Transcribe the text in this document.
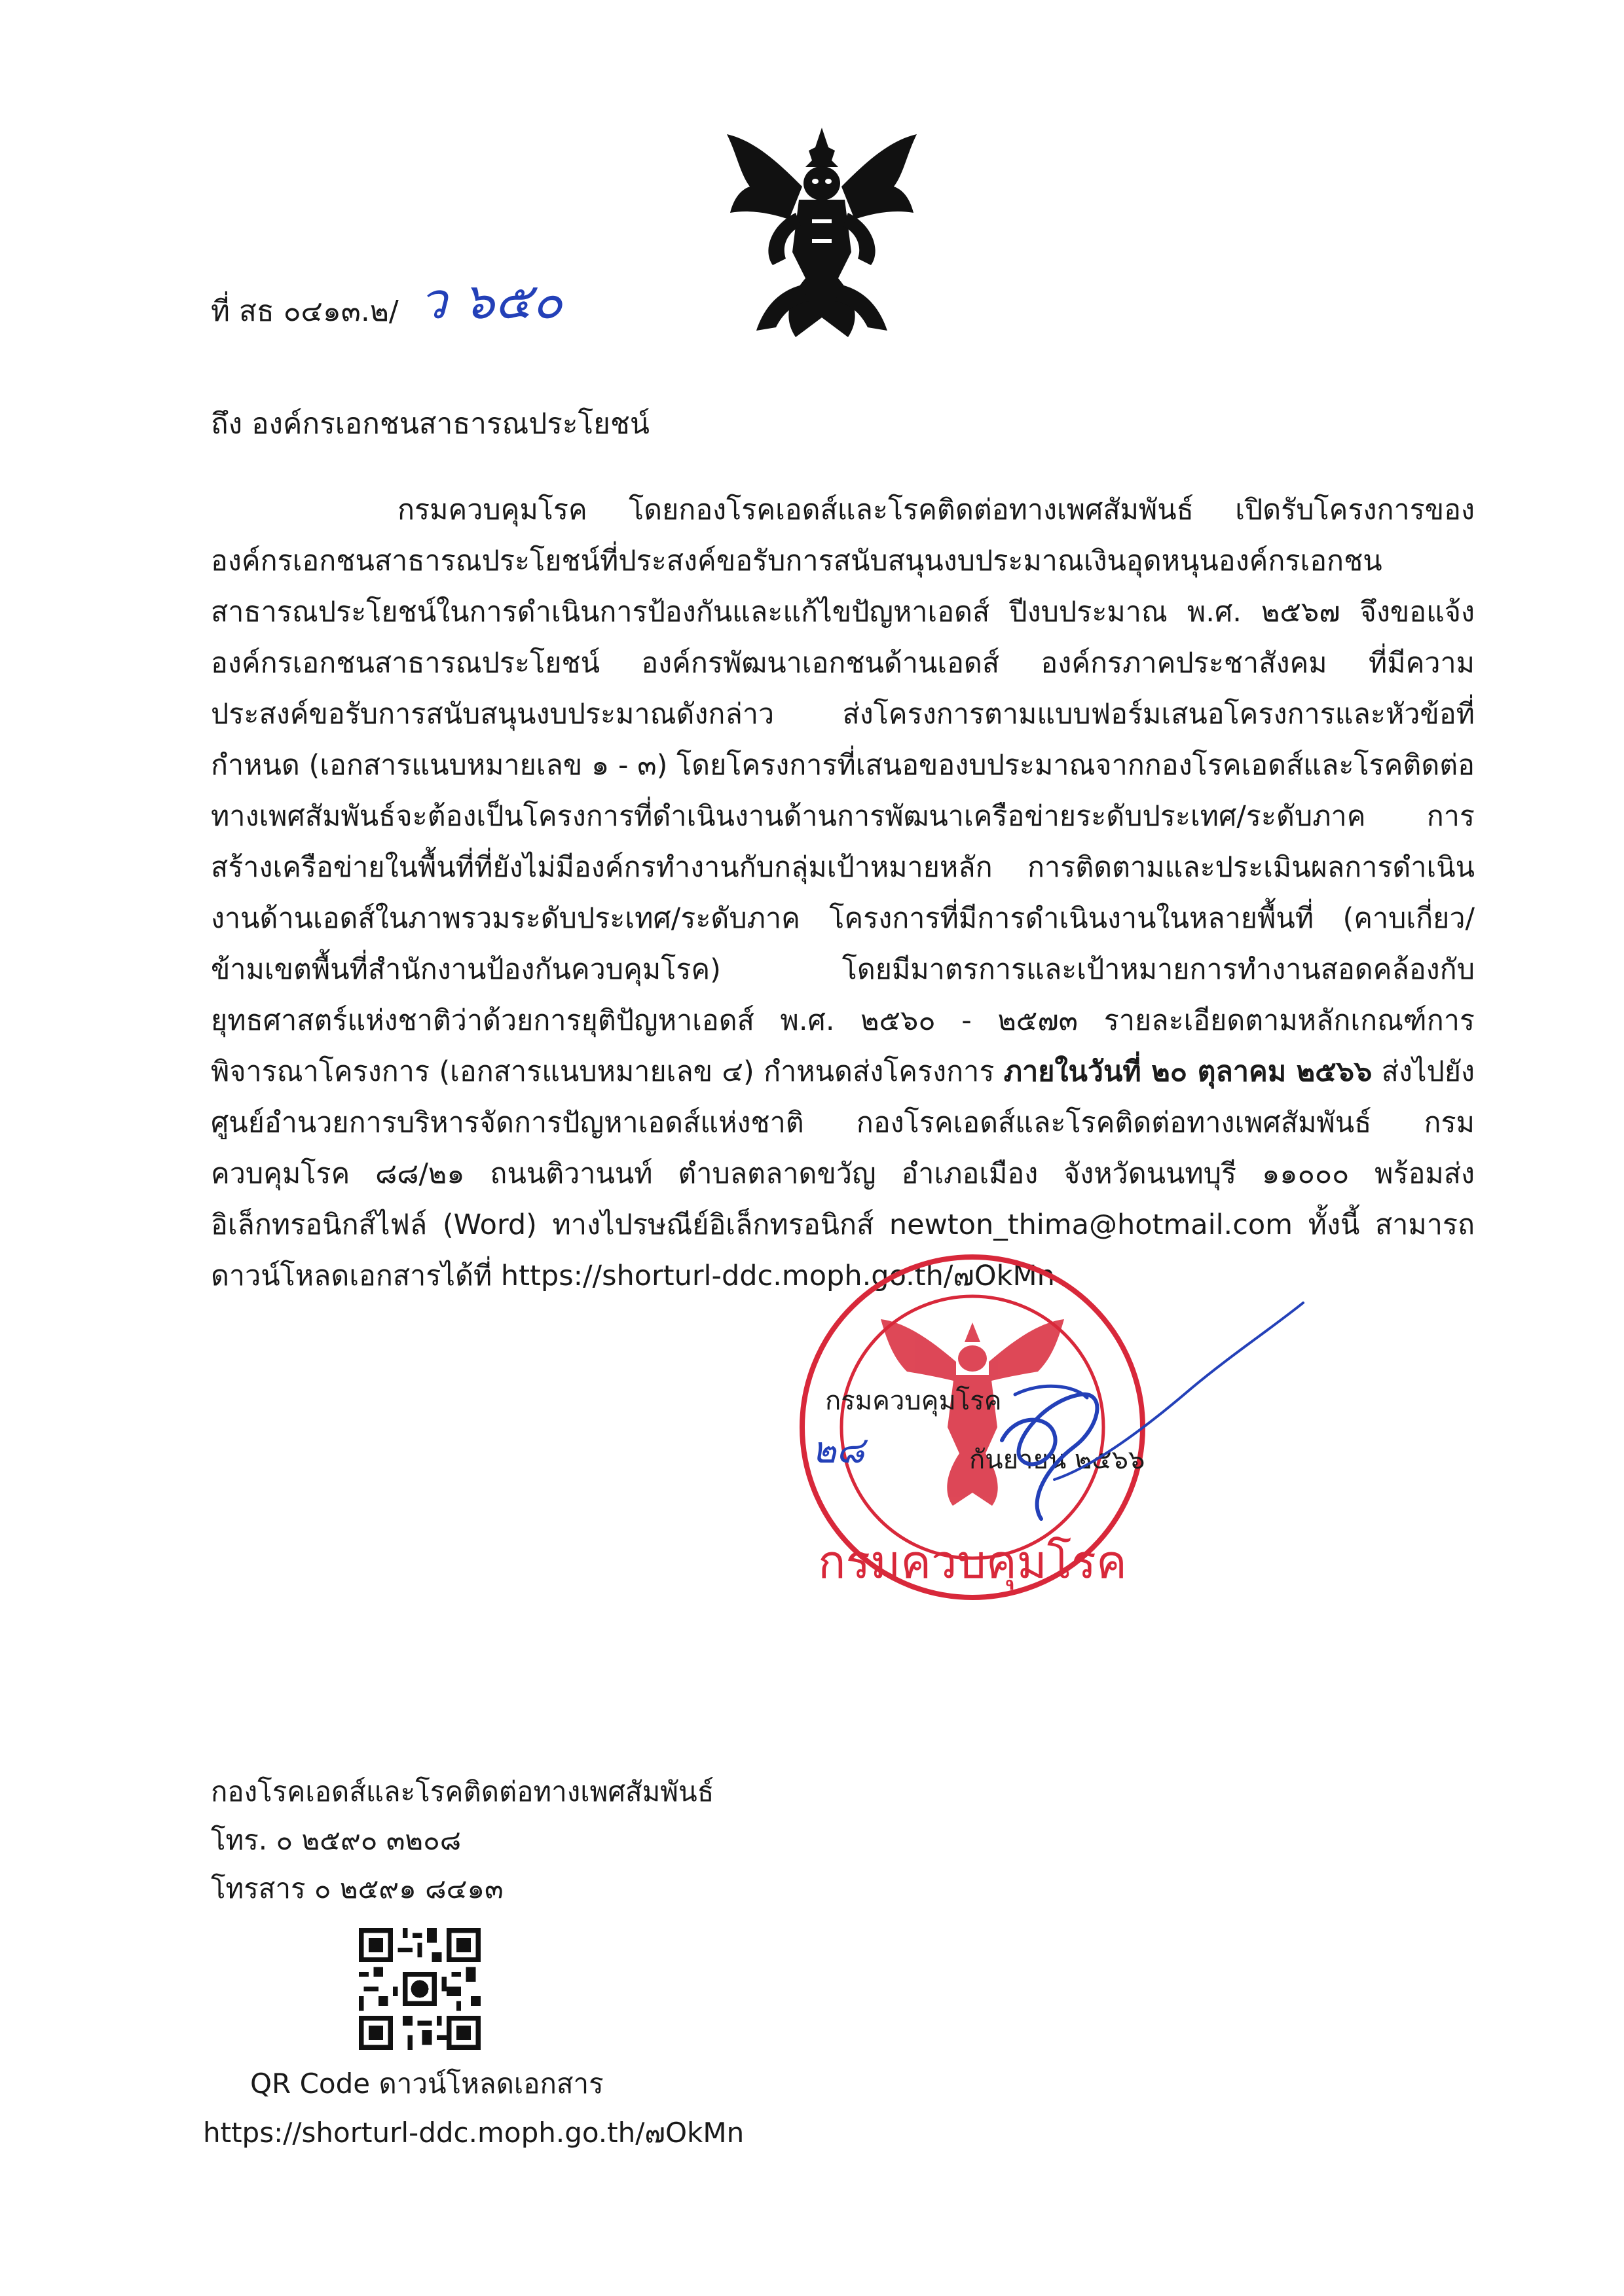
ที่ สธ ๐๔๑๓.๒/ ว ๖๕๐
ถึง องค์กรเอกชนสาธารณประโยชน์
กรมควบคุมโรค โดยกองโรคเอดส์และโรคติดต่อทางเพศสัมพันธ์ เปิดรับโครงการขององค์กรเอกชนสาธารณประโยชน์ที่ประสงค์ขอรับการสนับสนุนงบประมาณเงินอุดหนุนองค์กรเอกชนสาธารณประโยชน์ในการดำเนินการป้องกันและแก้ไขปัญหาเอดส์ ปีงบประมาณ พ.ศ. ๒๕๖๗ จึงขอแจ้งองค์กรเอกชนสาธารณประโยชน์ องค์กรพัฒนาเอกชนด้านเอดส์ องค์กรภาคประชาสังคม ที่มีความประสงค์ขอรับการสนับสนุนงบประมาณดังกล่าว ส่งโครงการตามแบบฟอร์มเสนอโครงการและหัวข้อที่กำหนด (เอกสารแนบหมายเลข ๑ - ๓) โดยโครงการที่เสนอของบประมาณจากกองโรคเอดส์และโรคติดต่อทางเพศสัมพันธ์จะต้องเป็นโครงการที่ดำเนินงานด้านการพัฒนาเครือข่ายระดับประเทศ/ระดับภาค การสร้างเครือข่ายในพื้นที่ที่ยังไม่มีองค์กรทำงานกับกลุ่มเป้าหมายหลัก การติดตามและประเมินผลการดำเนินงานด้านเอดส์ในภาพรวมระดับประเทศ/ระดับภาค โครงการที่มีการดำเนินงานในหลายพื้นที่ (คาบเกี่ยว/ข้ามเขตพื้นที่สำนักงานป้องกันควบคุมโรค) โดยมีมาตรการและเป้าหมายการทำงานสอดคล้องกับยุทธศาสตร์แห่งชาติว่าด้วยการยุติปัญหาเอดส์ พ.ศ. ๒๕๖๐ - ๒๕๗๓ รายละเอียดตามหลักเกณฑ์การพิจารณาโครงการ (เอกสารแนบหมายเลข ๔) กำหนดส่งโครงการ ภายในวันที่ ๒๐ ตุลาคม ๒๕๖๖ ส่งไปยังศูนย์อำนวยการบริหารจัดการปัญหาเอดส์แห่งชาติ กองโรคเอดส์และโรคติดต่อทางเพศสัมพันธ์ กรมควบคุมโรค ๘๘/๒๑ ถนนติวานนท์ ตำบลตลาดขวัญ อำเภอเมือง จังหวัดนนทบุรี ๑๑๐๐๐ พร้อมส่งอิเล็กทรอนิกส์ไฟล์ (Word) ทางไปรษณีย์อิเล็กทรอนิกส์ newton_thima@hotmail.com ทั้งนี้ สามารถดาวน์โหลดเอกสารได้ที่ https://shorturl-ddc.moph.go.th/๗OkMn
กรมควบคุมโรค
กรมควบคุมโรค
กันยายน ๒๕๖๖
๒๘
กองโรคเอดส์และโรคติดต่อทางเพศสัมพันธ์
โทร. ๐ ๒๕๙๐ ๓๒๐๘
โทรสาร ๐ ๒๕๙๑ ๘๔๑๓
QR Code ดาวน์โหลดเอกสาร
https://shorturl-ddc.moph.go.th/๗OkMn
